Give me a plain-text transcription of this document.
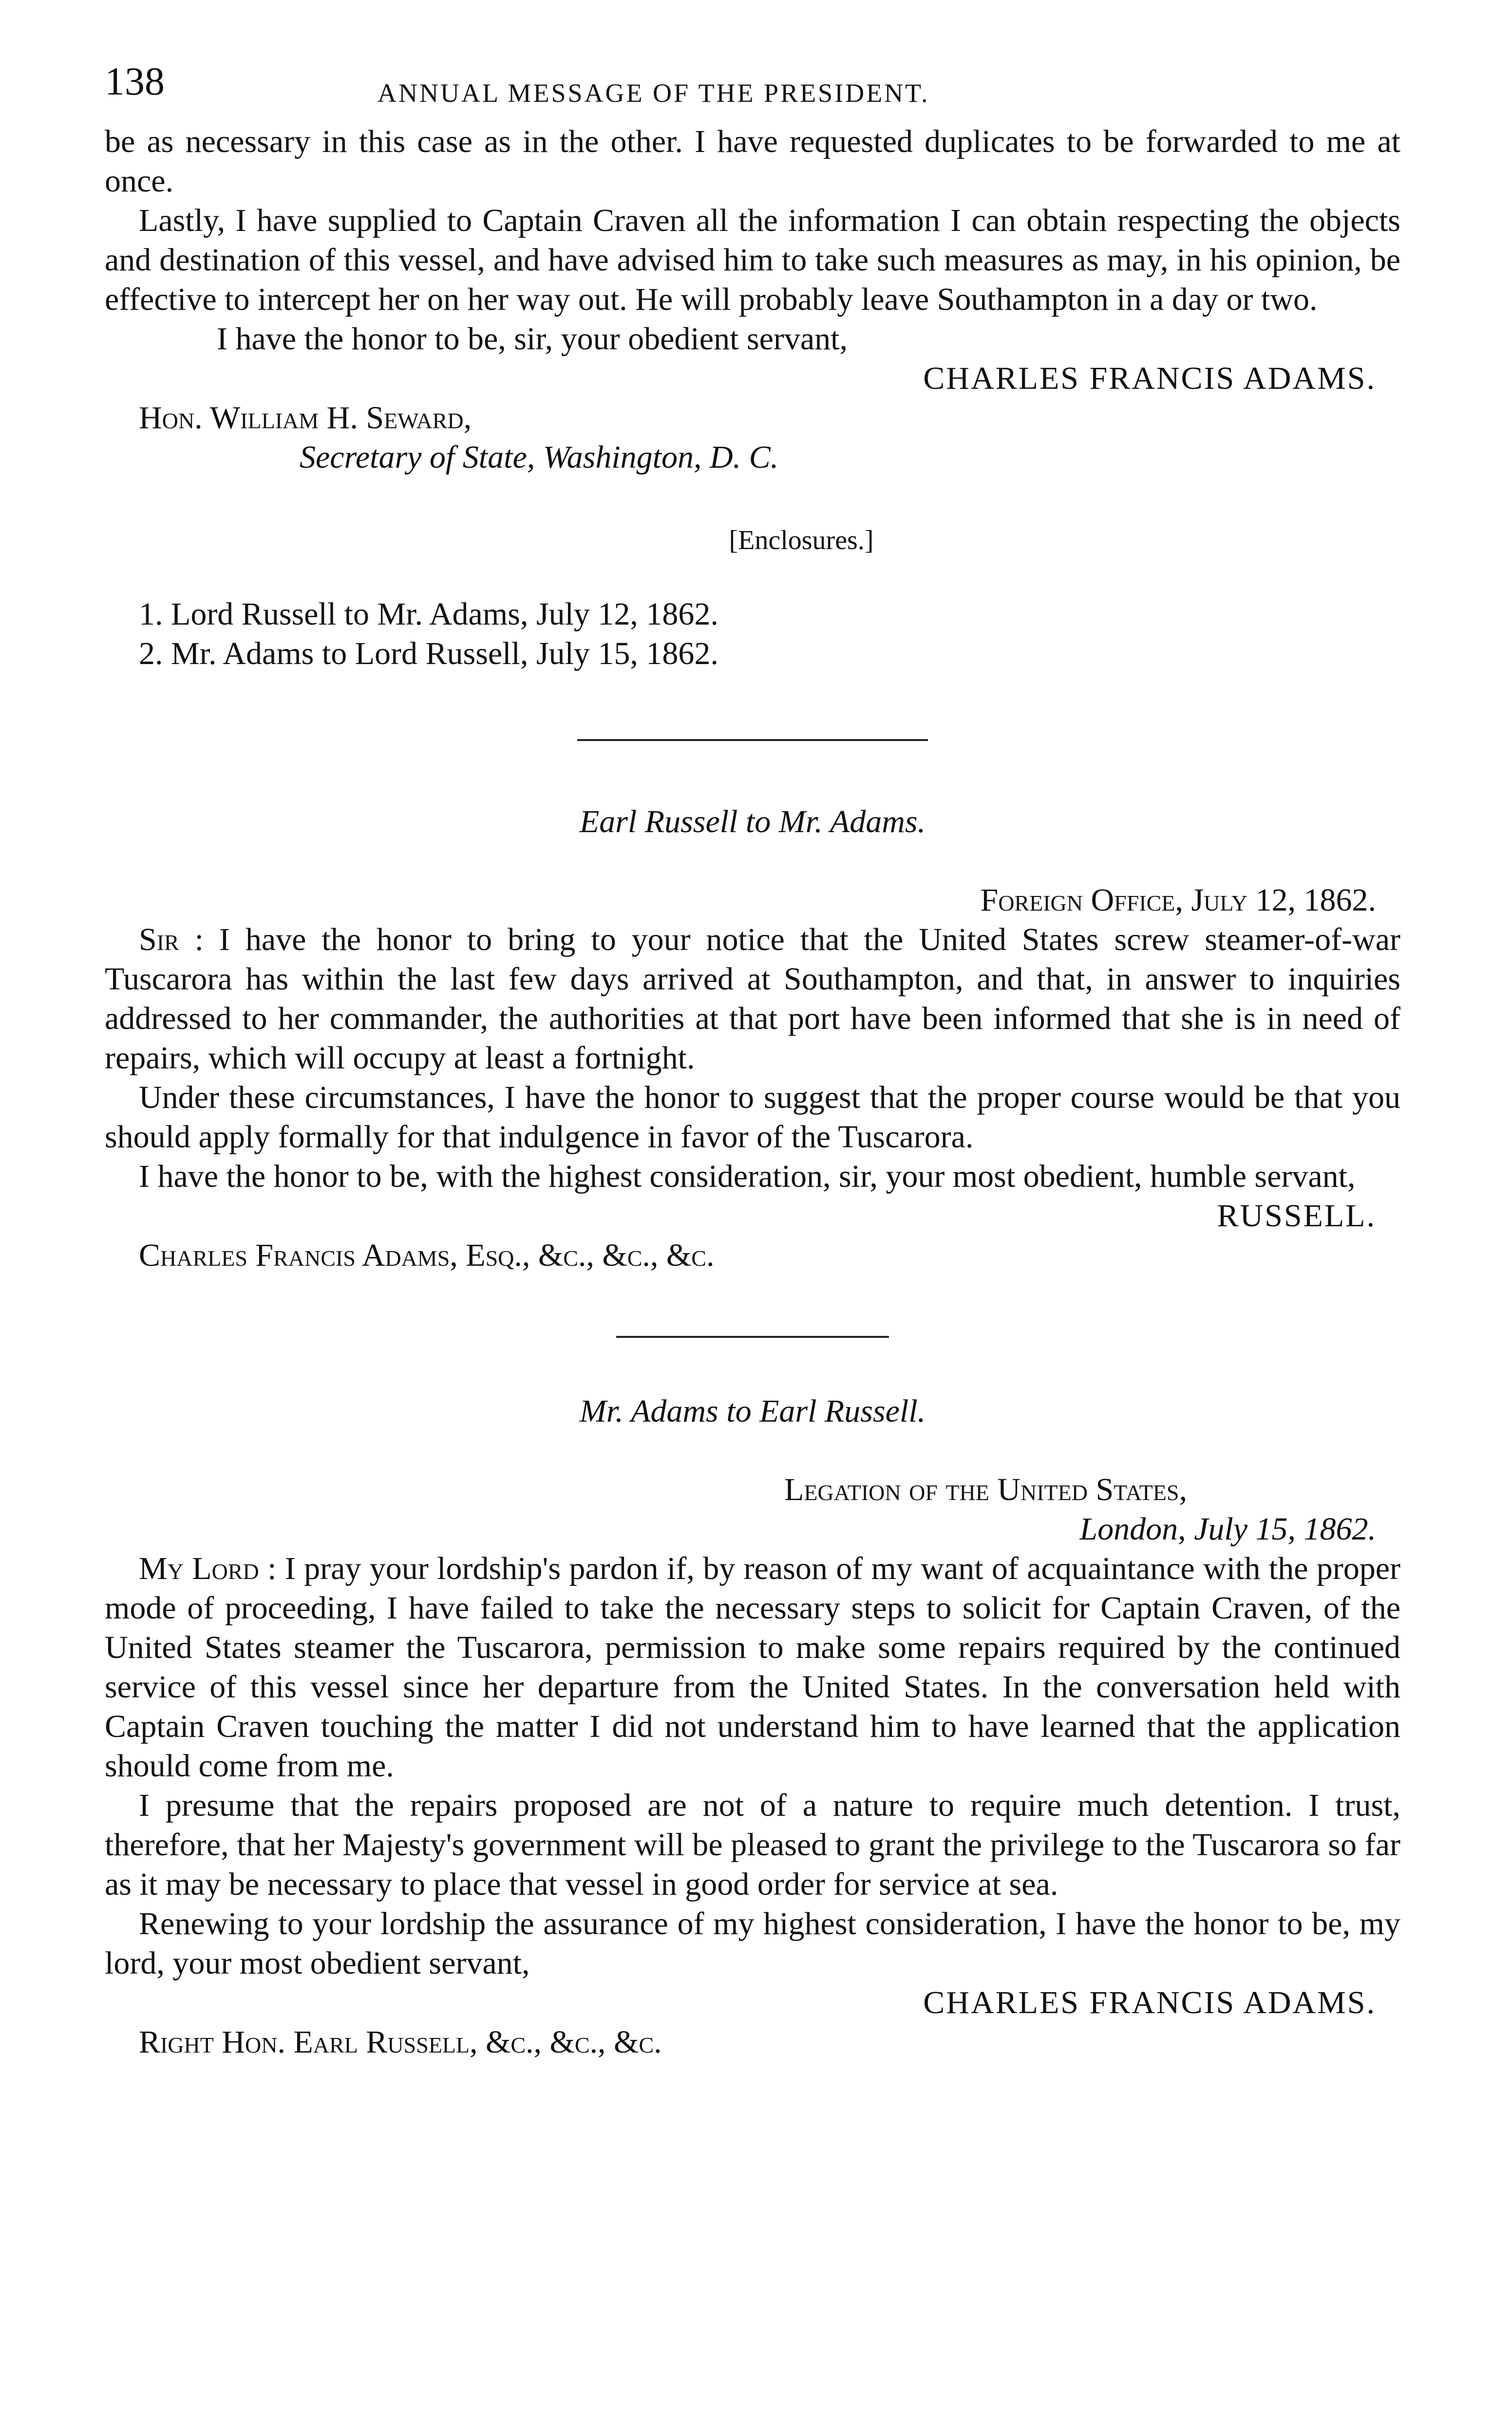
138	ANNUAL MESSAGE OF THE PRESIDENT.

be as necessary in this case as in the other. I have requested duplicates to be forwarded to me at once.

Lastly, I have supplied to Captain Craven all the information I can obtain respecting the objects and destination of this vessel, and have advised him to take such measures as may, in his opinion, be effective to intercept her on her way out. He will probably leave Southampton in a day or two.

I have the honor to be, sir, your obedient servant,

CHARLES FRANCIS ADAMS.

Hon. William H. Seward,

Secretary of State, Washington, D. C.

[Enclosures.]

1. Lord Russell to Mr. Adams, July 12, 1862.

2. Mr. Adams to Lord Russell, July 15, 1862.

Earl Russell to Mr. Adams.

Foreign Office, July 12, 1862.

Sir : I have the honor to bring to your notice that the United States screw steamer-of-war Tuscarora has within the last few days arrived at Southampton, and that, in answer to inquiries addressed to her commander, the authorities at that port have been informed that she is in need of repairs, which will occupy at least a fortnight.

Under these circumstances, I have the honor to suggest that the proper course would be that you should apply formally for that indulgence in favor of the Tuscarora.

I have the honor to be, with the highest consideration, sir, your most obedient, humble servant,

RUSSELL.

Charles Francis Adams, Esq., &c., &c., &c.

Mr. Adams to Earl Russell.

Legation of the United States,

London, July 15, 1862.

My Lord : I pray your lordship's pardon if, by reason of my want of acquaintance with the proper mode of proceeding, I have failed to take the necessary steps to solicit for Captain Craven, of the United States steamer the Tuscarora, permission to make some repairs required by the continued service of this vessel since her departure from the United States. In the conversation held with Captain Craven touching the matter I did not understand him to have learned that the application should come from me.

I presume that the repairs proposed are not of a nature to require much detention. I trust, therefore, that her Majesty's government will be pleased to grant the privilege to the Tuscarora so far as it may be necessary to place that vessel in good order for service at sea.

Renewing to your lordship the assurance of my highest consideration, I have the honor to be, my lord, your most obedient servant,

CHARLES FRANCIS ADAMS.

Right Hon. Earl Russell, &c., &c., &c.
